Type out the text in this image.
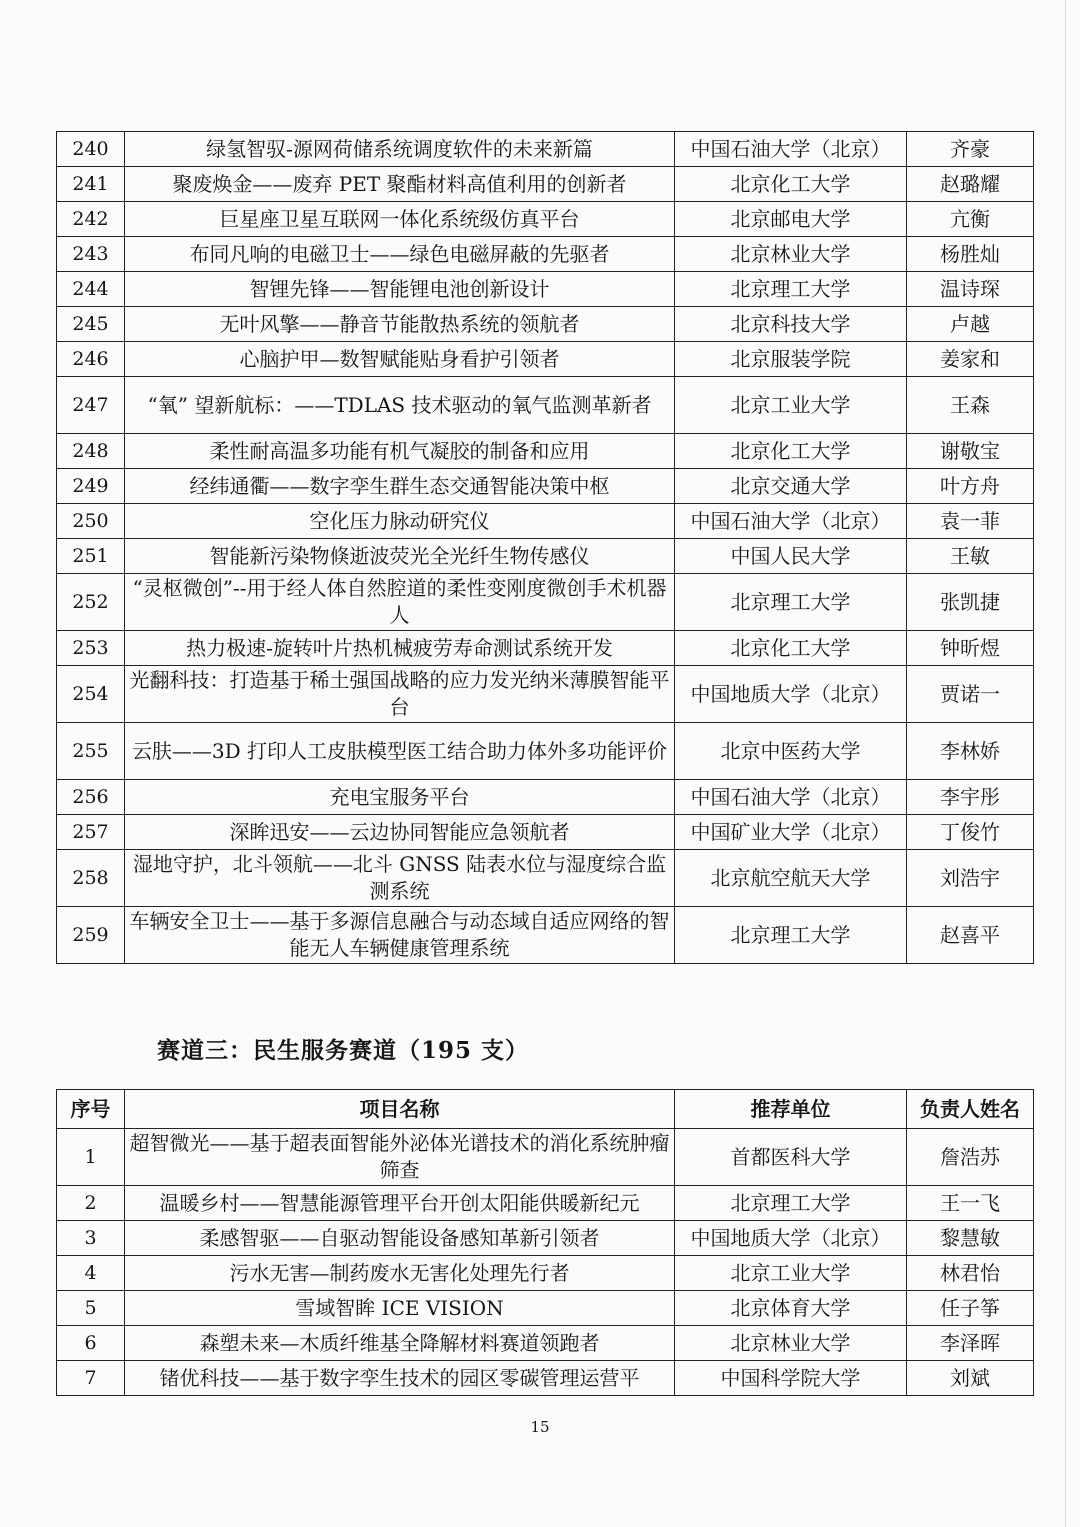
240	绿氢智驭-源网荷储系统调度软件的未来新篇	中国石油大学（北京）	齐豪
241	聚废焕金——废弃 PET 聚酯材料高值利用的创新者	北京化工大学	赵璐耀
242	巨星座卫星互联网一体化系统级仿真平台	北京邮电大学	亢衡
243	布同凡响的电磁卫士——绿色电磁屏蔽的先驱者	北京林业大学	杨胜灿
244	智锂先锋——智能锂电池创新设计	北京理工大学	温诗琛
245	无叶风擎——静音节能散热系统的领航者	北京科技大学	卢越
246	心脑护甲—数智赋能贴身看护引领者	北京服装学院	姜家和
247	“氧” 望新航标：——TDLAS 技术驱动的氧气监测革新者	北京工业大学	王森
248	柔性耐高温多功能有机气凝胶的制备和应用	北京化工大学	谢敬宝
249	经纬通衢——数字孪生群生态交通智能决策中枢	北京交通大学	叶方舟
250	空化压力脉动研究仪	中国石油大学（北京）	袁一菲
251	智能新污染物倏逝波荧光全光纤生物传感仪	中国人民大学	王敏
252	“灵枢微创”--用于经人体自然腔道的柔性变刚度微创手术机器人	北京理工大学	张凯捷
253	热力极速-旋转叶片热机械疲劳寿命测试系统开发	北京化工大学	钟昕煜
254	光翻科技：打造基于稀土强国战略的应力发光纳米薄膜智能平台	中国地质大学（北京）	贾诺一
255	云肤——3D 打印人工皮肤模型医工结合助力体外多功能评价	北京中医药大学	李林娇
256	充电宝服务平台	中国石油大学（北京）	李宇彤
257	深眸迅安——云边协同智能应急领航者	中国矿业大学（北京）	丁俊竹
258	湿地守护，北斗领航——北斗 GNSS 陆表水位与湿度综合监测系统	北京航空航天大学	刘浩宇
259	车辆安全卫士——基于多源信息融合与动态域自适应网络的智能无人车辆健康管理系统	北京理工大学	赵喜平
赛道三：民生服务赛道（195 支）
序号	项目名称	推荐单位	负责人姓名
1	超智微光——基于超表面智能外泌体光谱技术的消化系统肿瘤筛查	首都医科大学	詹浩苏
2	温暖乡村——智慧能源管理平台开创太阳能供暖新纪元	北京理工大学	王一飞
3	柔感智驱——自驱动智能设备感知革新引领者	中国地质大学（北京）	黎慧敏
4	污水无害—制药废水无害化处理先行者	北京工业大学	林君怡
5	雪域智眸 ICE VISION	北京体育大学	任子筝
6	森塑未来—木质纤维基全降解材料赛道领跑者	北京林业大学	李泽晖
7	锗优科技——基于数字孪生技术的园区零碳管理运营平	中国科学院大学	刘斌
15
